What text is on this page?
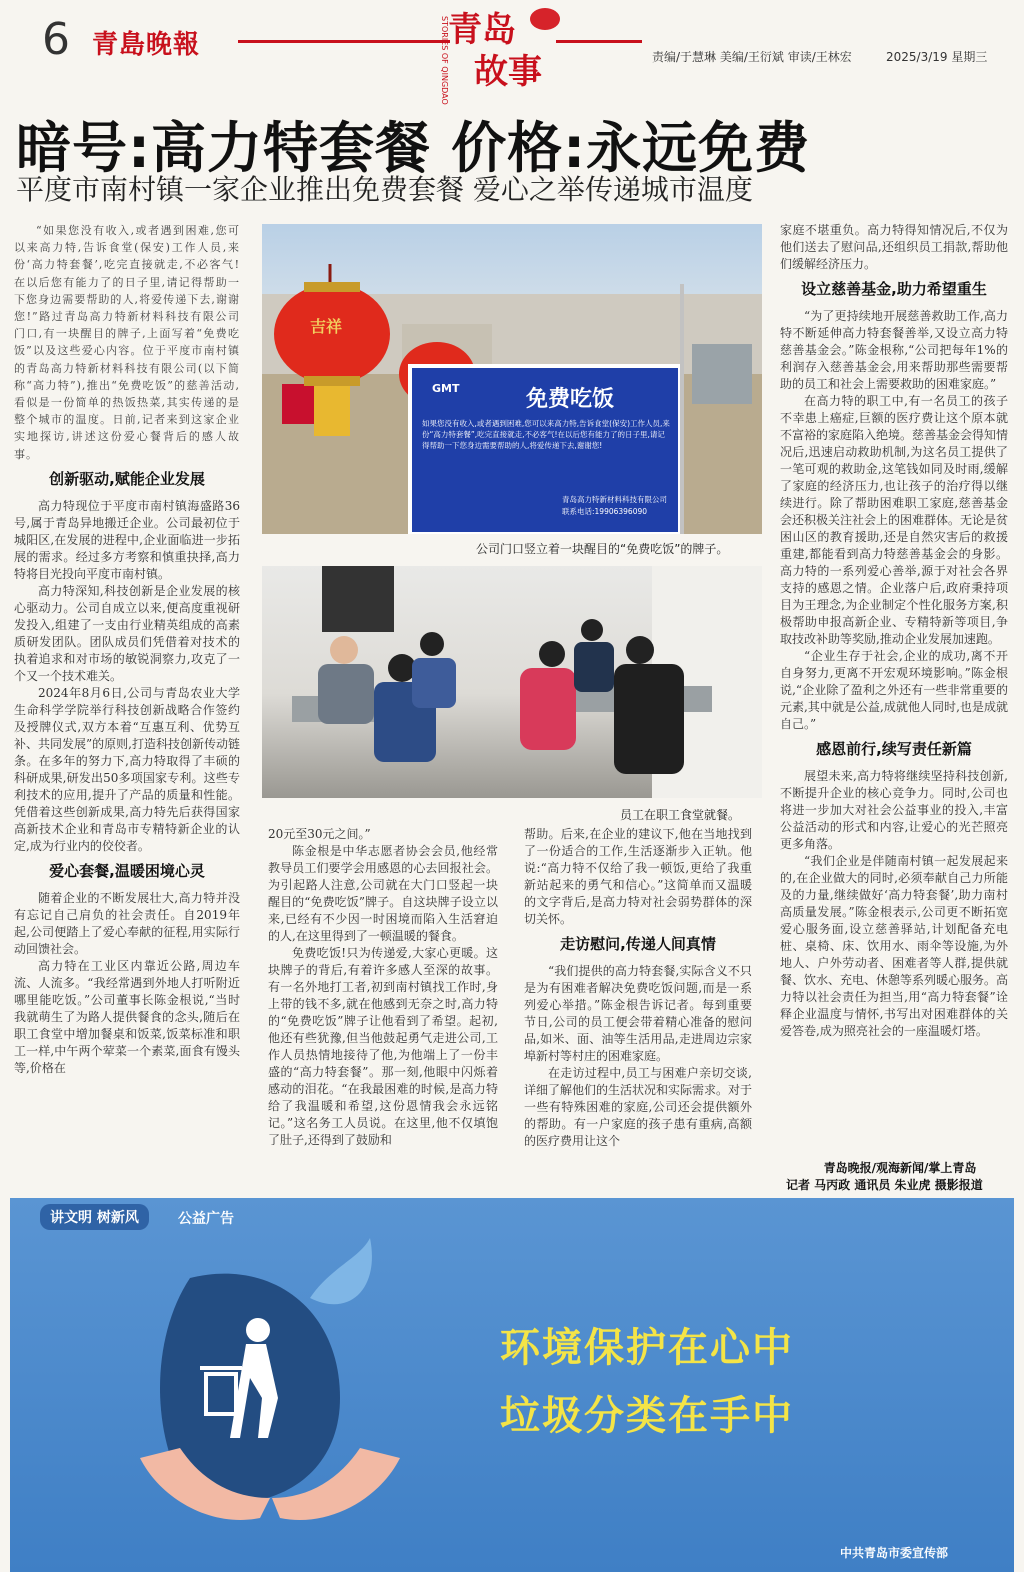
6 青島晚報	青岛
故事
STORIES OF QINGDAO	责编/于慧琳 美编/王衍斌 审读/王林宏	2025/3/19 星期三
暗号:高力特套餐 价格:永远免费
平度市南村镇一家企业推出免费套餐 爱心之举传递城市温度

“如果您没有收入,或者遇到困难,您可以来高力特,告诉食堂(保安)工作人员,来份‘高力特套餐’,吃完直接就走,不必客气!在以后您有能力了的日子里,请记得帮助一下您身边需要帮助的人,将爱传递下去,谢谢您!”路过青岛高力特新材料科技有限公司门口,有一块醒目的牌子,上面写着“免费吃饭”以及这些爱心内容。位于平度市南村镇的青岛高力特新材料科技有限公司(以下简称“高力特”),推出“免费吃饭”的慈善活动,看似是一份简单的热饭热菜,其实传递的是整个城市的温度。日前,记者来到这家企业实地探访,讲述这份爱心餐背后的感人故事。

创新驱动,赋能企业发展

高力特现位于平度市南村镇海盛路36号,属于青岛异地搬迁企业。公司最初位于城阳区,在发展的进程中,企业面临进一步拓展的需求。经过多方考察和慎重抉择,高力特将目光投向平度市南村镇。

高力特深知,科技创新是企业发展的核心驱动力。公司自成立以来,便高度重视研发投入,组建了一支由行业精英组成的高素质研发团队。团队成员们凭借着对技术的执着追求和对市场的敏锐洞察力,攻克了一个又一个技术难关。

2024年8月6日,公司与青岛农业大学生命科学学院举行科技创新战略合作签约及授牌仪式,双方本着“互惠互利、优势互补、共同发展”的原则,打造科技创新传动链条。在多年的努力下,高力特取得了丰硕的科研成果,研发出50多项国家专利。这些专利技术的应用,提升了产品的质量和性能。凭借着这些创新成果,高力特先后获得国家高新技术企业和青岛市专精特新企业的认定,成为行业内的佼佼者。

爱心套餐,温暖困境心灵

随着企业的不断发展壮大,高力特并没有忘记自己肩负的社会责任。自2019年起,公司便踏上了爱心奉献的征程,用实际行动回馈社会。

高力特在工业区内靠近公路,周边车流、人流多。“我经常遇到外地人打听附近哪里能吃饭。”公司董事长陈金根说,“当时我就萌生了为路人提供餐食的念头,随后在职工食堂中增加餐桌和饭菜,饭菜标准和职工一样,中午两个荤菜一个素菜,面食有馒头等,价格在

GMT	免费吃饭
如果您没有收入,或者遇到困难,您可以来高力特,告诉食堂(保安)工作人员,来份“高力特套餐”,吃完直接就走,不必客气!在以后您有能力了的日子里,请记得帮助一下您身边需要帮助的人,将爱传递下去,谢谢您!
青岛高力特新材料科技有限公司
联系电话:19906396090
吉祥
公司门口竖立着一块醒目的“免费吃饭”的牌子。
员工在职工食堂就餐。

20元至30元之间。”

陈金根是中华志愿者协会会员,他经常教导员工们要学会用感恩的心去回报社会。为引起路人注意,公司就在大门口竖起一块醒目的“免费吃饭”牌子。自这块牌子设立以来,已经有不少因一时困境而陷入生活窘迫的人,在这里得到了一顿温暖的餐食。

免费吃饭!只为传递爱,大家心更暖。这块牌子的背后,有着许多感人至深的故事。有一名外地打工者,初到南村镇找工作时,身上带的钱不多,就在他感到无奈之时,高力特的“免费吃饭”牌子让他看到了希望。起初,他还有些犹豫,但当他鼓起勇气走进公司,工作人员热情地接待了他,为他端上了一份丰盛的“高力特套餐”。那一刻,他眼中闪烁着感动的泪花。“在我最困难的时候,是高力特给了我温暖和希望,这份恩情我会永远铭记。”这名务工人员说。在这里,他不仅填饱了肚子,还得到了鼓励和

帮助。后来,在企业的建议下,他在当地找到了一份适合的工作,生活逐渐步入正轨。他说:“高力特不仅给了我一顿饭,更给了我重新站起来的勇气和信心。”这简单而又温暖的文字背后,是高力特对社会弱势群体的深切关怀。

走访慰问,传递人间真情

“我们提供的高力特套餐,实际含义不只是为有困难者解决免费吃饭问题,而是一系列爱心举措。”陈金根告诉记者。每到重要节日,公司的员工便会带着精心准备的慰问品,如米、面、油等生活用品,走进周边宗家埠新村等村庄的困难家庭。

在走访过程中,员工与困难户亲切交谈,详细了解他们的生活状况和实际需求。对于一些有特殊困难的家庭,公司还会提供额外的帮助。有一户家庭的孩子患有重病,高额的医疗费用让这个

家庭不堪重负。高力特得知情况后,不仅为他们送去了慰问品,还组织员工捐款,帮助他们缓解经济压力。

设立慈善基金,助力希望重生

“为了更持续地开展慈善救助工作,高力特不断延伸高力特套餐善举,又设立高力特慈善基金会。”陈金根称,“公司把每年1%的利润存入慈善基金会,用来帮助那些需要帮助的员工和社会上需要救助的困难家庭。”

在高力特的职工中,有一名员工的孩子不幸患上癌症,巨额的医疗费让这个原本就不富裕的家庭陷入绝境。慈善基金会得知情况后,迅速启动救助机制,为这名员工提供了一笔可观的救助金,这笔钱如同及时雨,缓解了家庭的经济压力,也让孩子的治疗得以继续进行。除了帮助困难职工家庭,慈善基金会还积极关注社会上的困难群体。无论是贫困山区的教育援助,还是自然灾害后的救援重建,都能看到高力特慈善基金会的身影。高力特的一系列爱心善举,源于对社会各界支持的感恩之情。企业落户后,政府秉持项目为王理念,为企业制定个性化服务方案,积极帮助申报高新企业、专精特新等项目,争取技改补助等奖励,推动企业发展加速跑。

“企业生存于社会,企业的成功,离不开自身努力,更离不开宏观环境影响。”陈金根说,“企业除了盈利之外还有一些非常重要的元素,其中就是公益,成就他人同时,也是成就自己。”

感恩前行,续写责任新篇

展望未来,高力特将继续坚持科技创新,不断提升企业的核心竞争力。同时,公司也将进一步加大对社会公益事业的投入,丰富公益活动的形式和内容,让爱心的光芒照亮更多角落。

“我们企业是伴随南村镇一起发展起来的,在企业做大的同时,必须奉献自己力所能及的力量,继续做好‘高力特套餐’,助力南村高质量发展。”陈金根表示,公司更不断拓宽爱心服务面,设立慈善驿站,计划配备充电桩、桌椅、床、饮用水、雨伞等设施,为外地人、户外劳动者、困难者等人群,提供就餐、饮水、充电、休憩等系列暖心服务。高力特以社会责任为担当,用“高力特套餐”诠释企业温度与情怀,书写出对困难群体的关爱答卷,成为照亮社会的一座温暖灯塔。

青岛晚报/观海新闻/掌上青岛
记者 马丙政 通讯员 朱业虎 摄影报道
讲文明 树新风	公益广告
环境保护在心中
垃圾分类在手中
中共青岛市委宣传部
